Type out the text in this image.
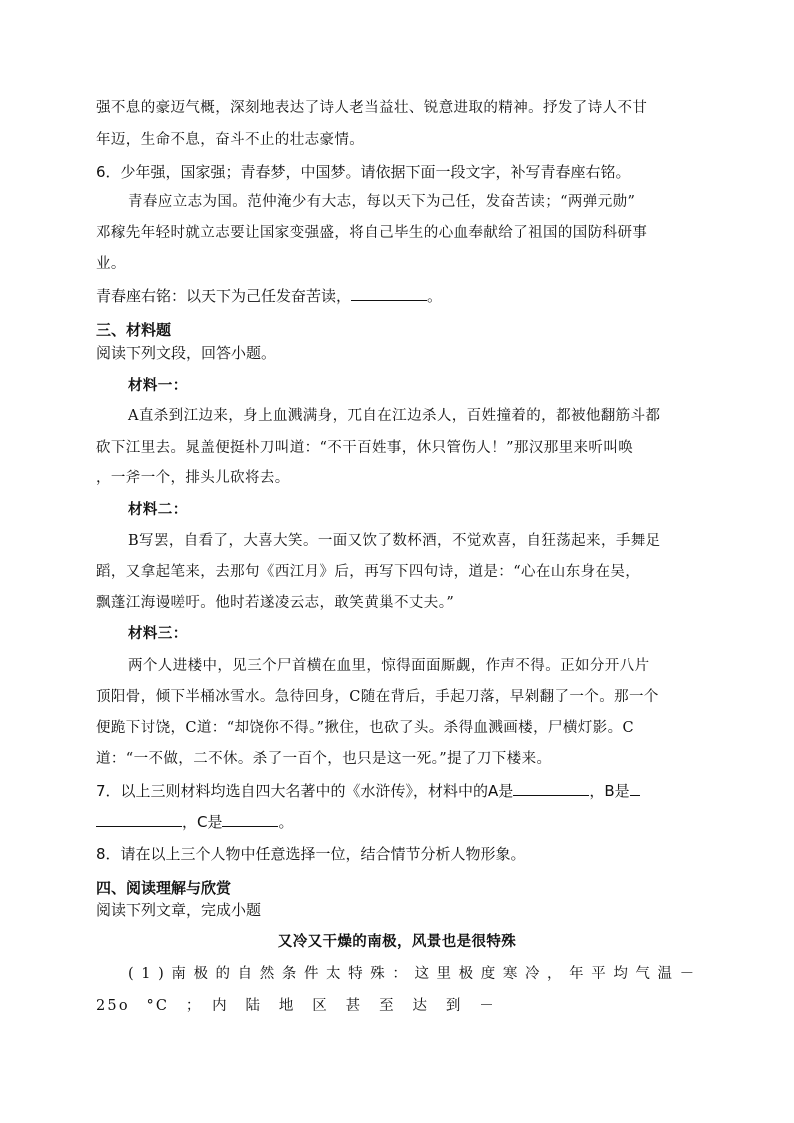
强不息的豪迈气概，深刻地表达了诗人老当益壮、锐意进取的精神。抒发了诗人不甘
年迈，生命不息，奋斗不止的壮志豪情。
6．少年强，国家强；青春梦，中国梦。请依据下面一段文字，补写青春座右铭。
青春应立志为国。范仲淹少有大志，每以天下为己任，发奋苦读；“两弹元勋”
邓稼先年轻时就立志要让国家变强盛，将自己毕生的心血奉献给了祖国的国防科研事
业。
青春座右铭：以天下为己任发奋苦读，	。
三、材料题
阅读下列文段，回答小题。
材料一：
A直杀到江边来，身上血溅满身，兀自在江边杀人，百姓撞着的，都被他翻筋斗都
砍下江里去。晁盖便挺朴刀叫道：“不干百姓事，休只管伤人！”那汉那里来听叫唤
，一斧一个，排头儿砍将去。
材料二：
B写罢，自看了，大喜大笑。一面又饮了数杯酒，不觉欢喜，自狂荡起来，手舞足
蹈，又拿起笔来，去那句《西江月》后，再写下四句诗，道是：“心在山东身在吴，
飘蓬江海谩嗟吁。他时若遂凌云志，敢笑黄巢不丈夫。”
材料三：
两个人进楼中，见三个尸首横在血里，惊得面面厮觑，作声不得。正如分开八片
顶阳骨，倾下半桶冰雪水。急待回身，C随在背后，手起刀落，早剁翻了一个。那一个
便跪下讨饶，C道：“却饶你不得。”揪住，也砍了头。杀得血溅画楼，尸横灯影。C
道：“一不做，二不休。杀了一百个，也只是这一死。”提了刀下楼来。
7．以上三则材料均选自四大名著中的《水浒传》，材料中的A是	，B是
，C是	。
8．请在以上三个人物中任意选择一位，结合情节分析人物形象。
四、阅读理解与欣赏
阅读下列文章，完成小题
又冷又干燥的南极，风景也是很特殊
(1)南极的自然条件太特殊：这里极度寒冷，年平均气温－
25o　°C　；　内　陆　地　区　甚　至　达　到　－
